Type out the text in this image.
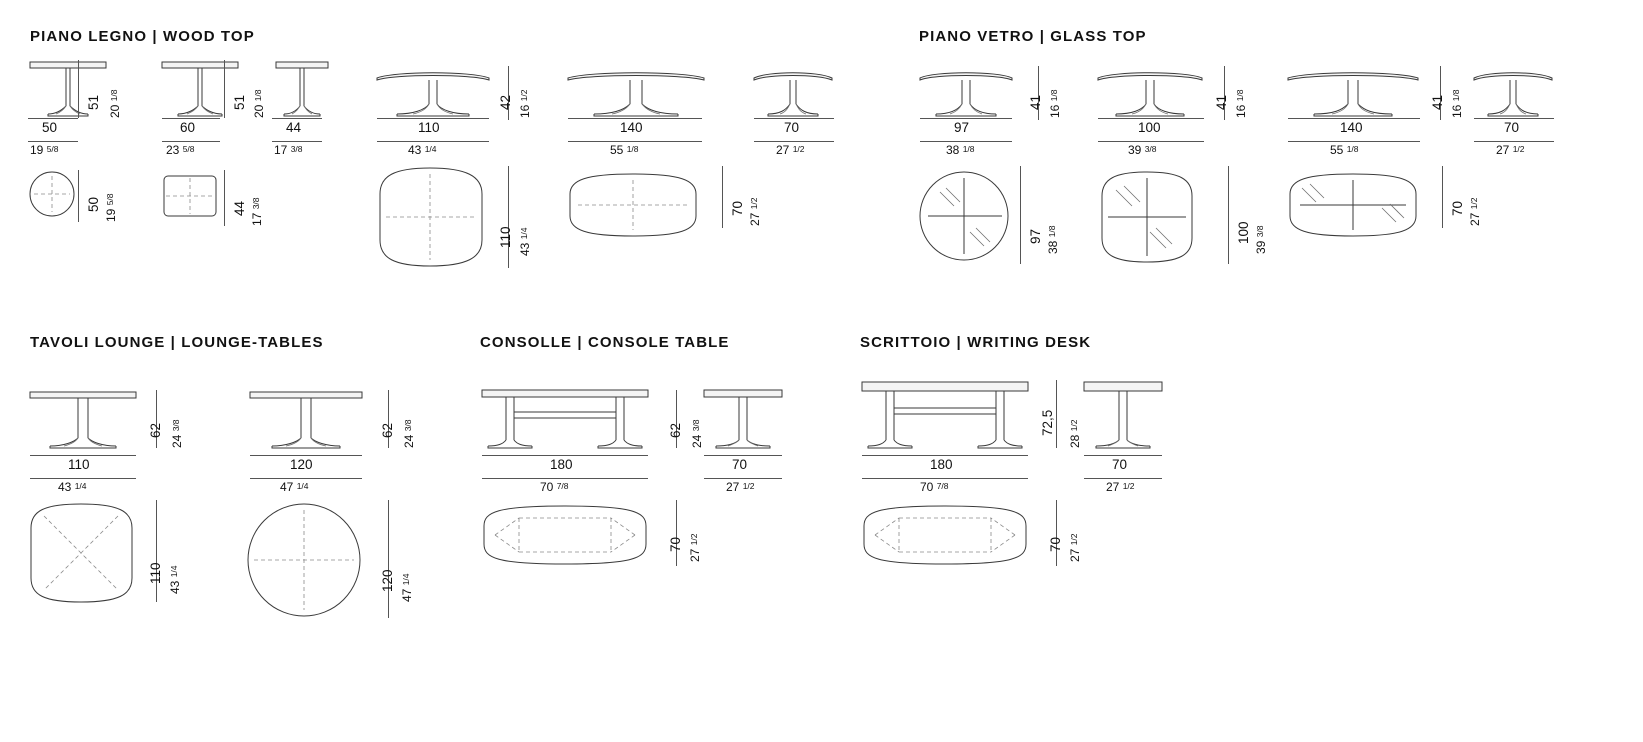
PIANO LEGNO | WOOD TOP	PIANO VETRO | GLASS TOP
TAVOLI LOUNGE | LOUNGE-TABLES	CONSOLLE | CONSOLE TABLE	SCRITTOIO | WRITING DESK
51
20 1/8
50
19 5/8
50
19 5/8
51
20 1/8
60
23 5/8
44
17 3/8
44
17 3/8
42
16 1/2
110
43 1/4
110
43 1/4
140
55 1/8
70
27 1/2
70
27 1/2
41
16 1/8
97
38 1/8
97
38 1/8
41
16 1/8
100
39 3/8
100
39 3/8
41
16 1/8
140
55 1/8
70
27 1/2
70
27 1/2
62
24 3/8
110
43 1/4
110
43 1/4
62
24 3/8
120
47 1/4
120
47 1/4
62
24 3/8
180
70 7/8
70
27 1/2
70
27 1/2
72,5
28 1/2
180
70 7/8
70
27 1/2
70
27 1/2
